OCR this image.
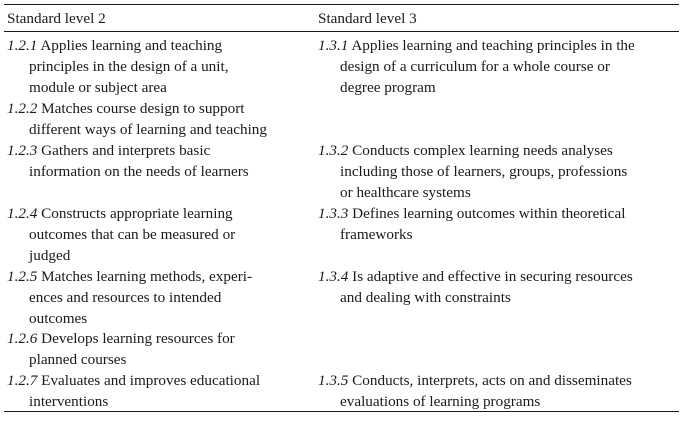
Standard level 2	Standard level 3
1.2.1 Applies learning and teaching
principles in the design of a unit,
module or subject area
1.2.2 Matches course design to support
different ways of learning and teaching
1.2.3 Gathers and interprets basic
information on the needs of learners
1.2.4 Constructs appropriate learning
outcomes that can be measured or
judged
1.2.5 Matches learning methods, experi-
ences and resources to intended
outcomes
1.2.6 Develops learning resources for
planned courses
1.2.7 Evaluates and improves educational
interventions
1.3.1 Applies learning and teaching principles in the
design of a curriculum for a whole course or
degree program
1.3.2 Conducts complex learning needs analyses
including those of learners, groups, professions
or healthcare systems
1.3.3 Defines learning outcomes within theoretical
frameworks
1.3.4 Is adaptive and effective in securing resources
and dealing with constraints
1.3.5 Conducts, interprets, acts on and disseminates
evaluations of learning programs
